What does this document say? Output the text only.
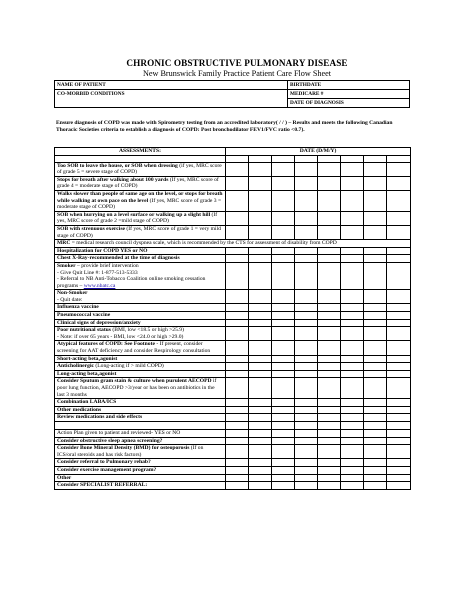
CHRONIC OBSTRUCTIVE PULMONARY DISEASE
New Brunswick Family Practice Patient Care Flow Sheet
NAME OF PATIENT	BIRTHDATE
CO-MORBID CONDITIONS	MEDICARE #
	DATE OF DIAGNOSIS
Ensure diagnosis of COPD was made with Spirometry testing from an accredited laboratory( / / ) – Results and meets the following Canadian Thoracic Societies criteria to establish a diagnosis of COPD: Post bronchodilator FEV1/FVC ratio <0.7).
ASSESSMENTS:	DATE (D/M/Y)							

Too SOB to leave the house, or SOB when dressing (if yes, MRC score of grade 5 = severe stage of COPD)								
Stops for breath after walking about 100 yards (If yes, MRC score of grade 4 = moderate stage of COPD)								
Walks slower than people of same age on the level, or stops for breath while walking at own pace on the level (If yes, MRC score of grade 3 = moderate stage of COPD)								
SOB when hurrying on a level surface or walking up a slight hill (If yes, MRC score of grade 2 =mild stage of COPD)								
SOB with strenuous exercise (If yes, MRC score of grade 1 = very mild stage of COPD)								
MRC = medical research council dyspnea scale, which is recommended by the CTS for assessment of disability from COPD								
Hospitalization for COPD YES or NO								
Chest X-Ray-recommended at the time of diagnosis								
Smoker – provide brief intervention
- Give Quit Line #: 1-877-513-5333
- Referral to NB Anti-Tobacco Coalition online smoking cessation programs – www.nbatc.ca								
Non-Smoker
- Quit date:								
Influenza vaccine								
Pneumococcal vaccine								
Clinical signs of depression/anxiety								
Poor nutritional status (BMI, low <18.5 or high >25.9)
- Note: if over 65 years - BMI, low <24.0 or high >29.0)								
Atypical features of COPD: See Footnote - If present, consider screening for AAT deficiency and consider Respirology consultation								
Short-acting beta₂agonist								
Anticholinergic (Long-acting if > mild COPD)								
Long-acting beta₂agonist								
Consider Sputum gram stain & culture when purulent AECOPD if poor lung function, AECOPD >3/year or has been on antibiotics in the last 3 months								
Combination LABA/ICS								
Other medications								
Review medications and side effects								

Action Plan given to patient and reviewed- YES or NO								
Consider obstructive sleep apnea screening?								
Consider Bone Mineral Density (BMD) for osteoporosis (If on ICS/oral steroids and has risk factors)								
Consider referral to Pulmonary rehab?								
Consider exercise management program?								
Other								
Consider SPECIALIST REFERRAL:								
